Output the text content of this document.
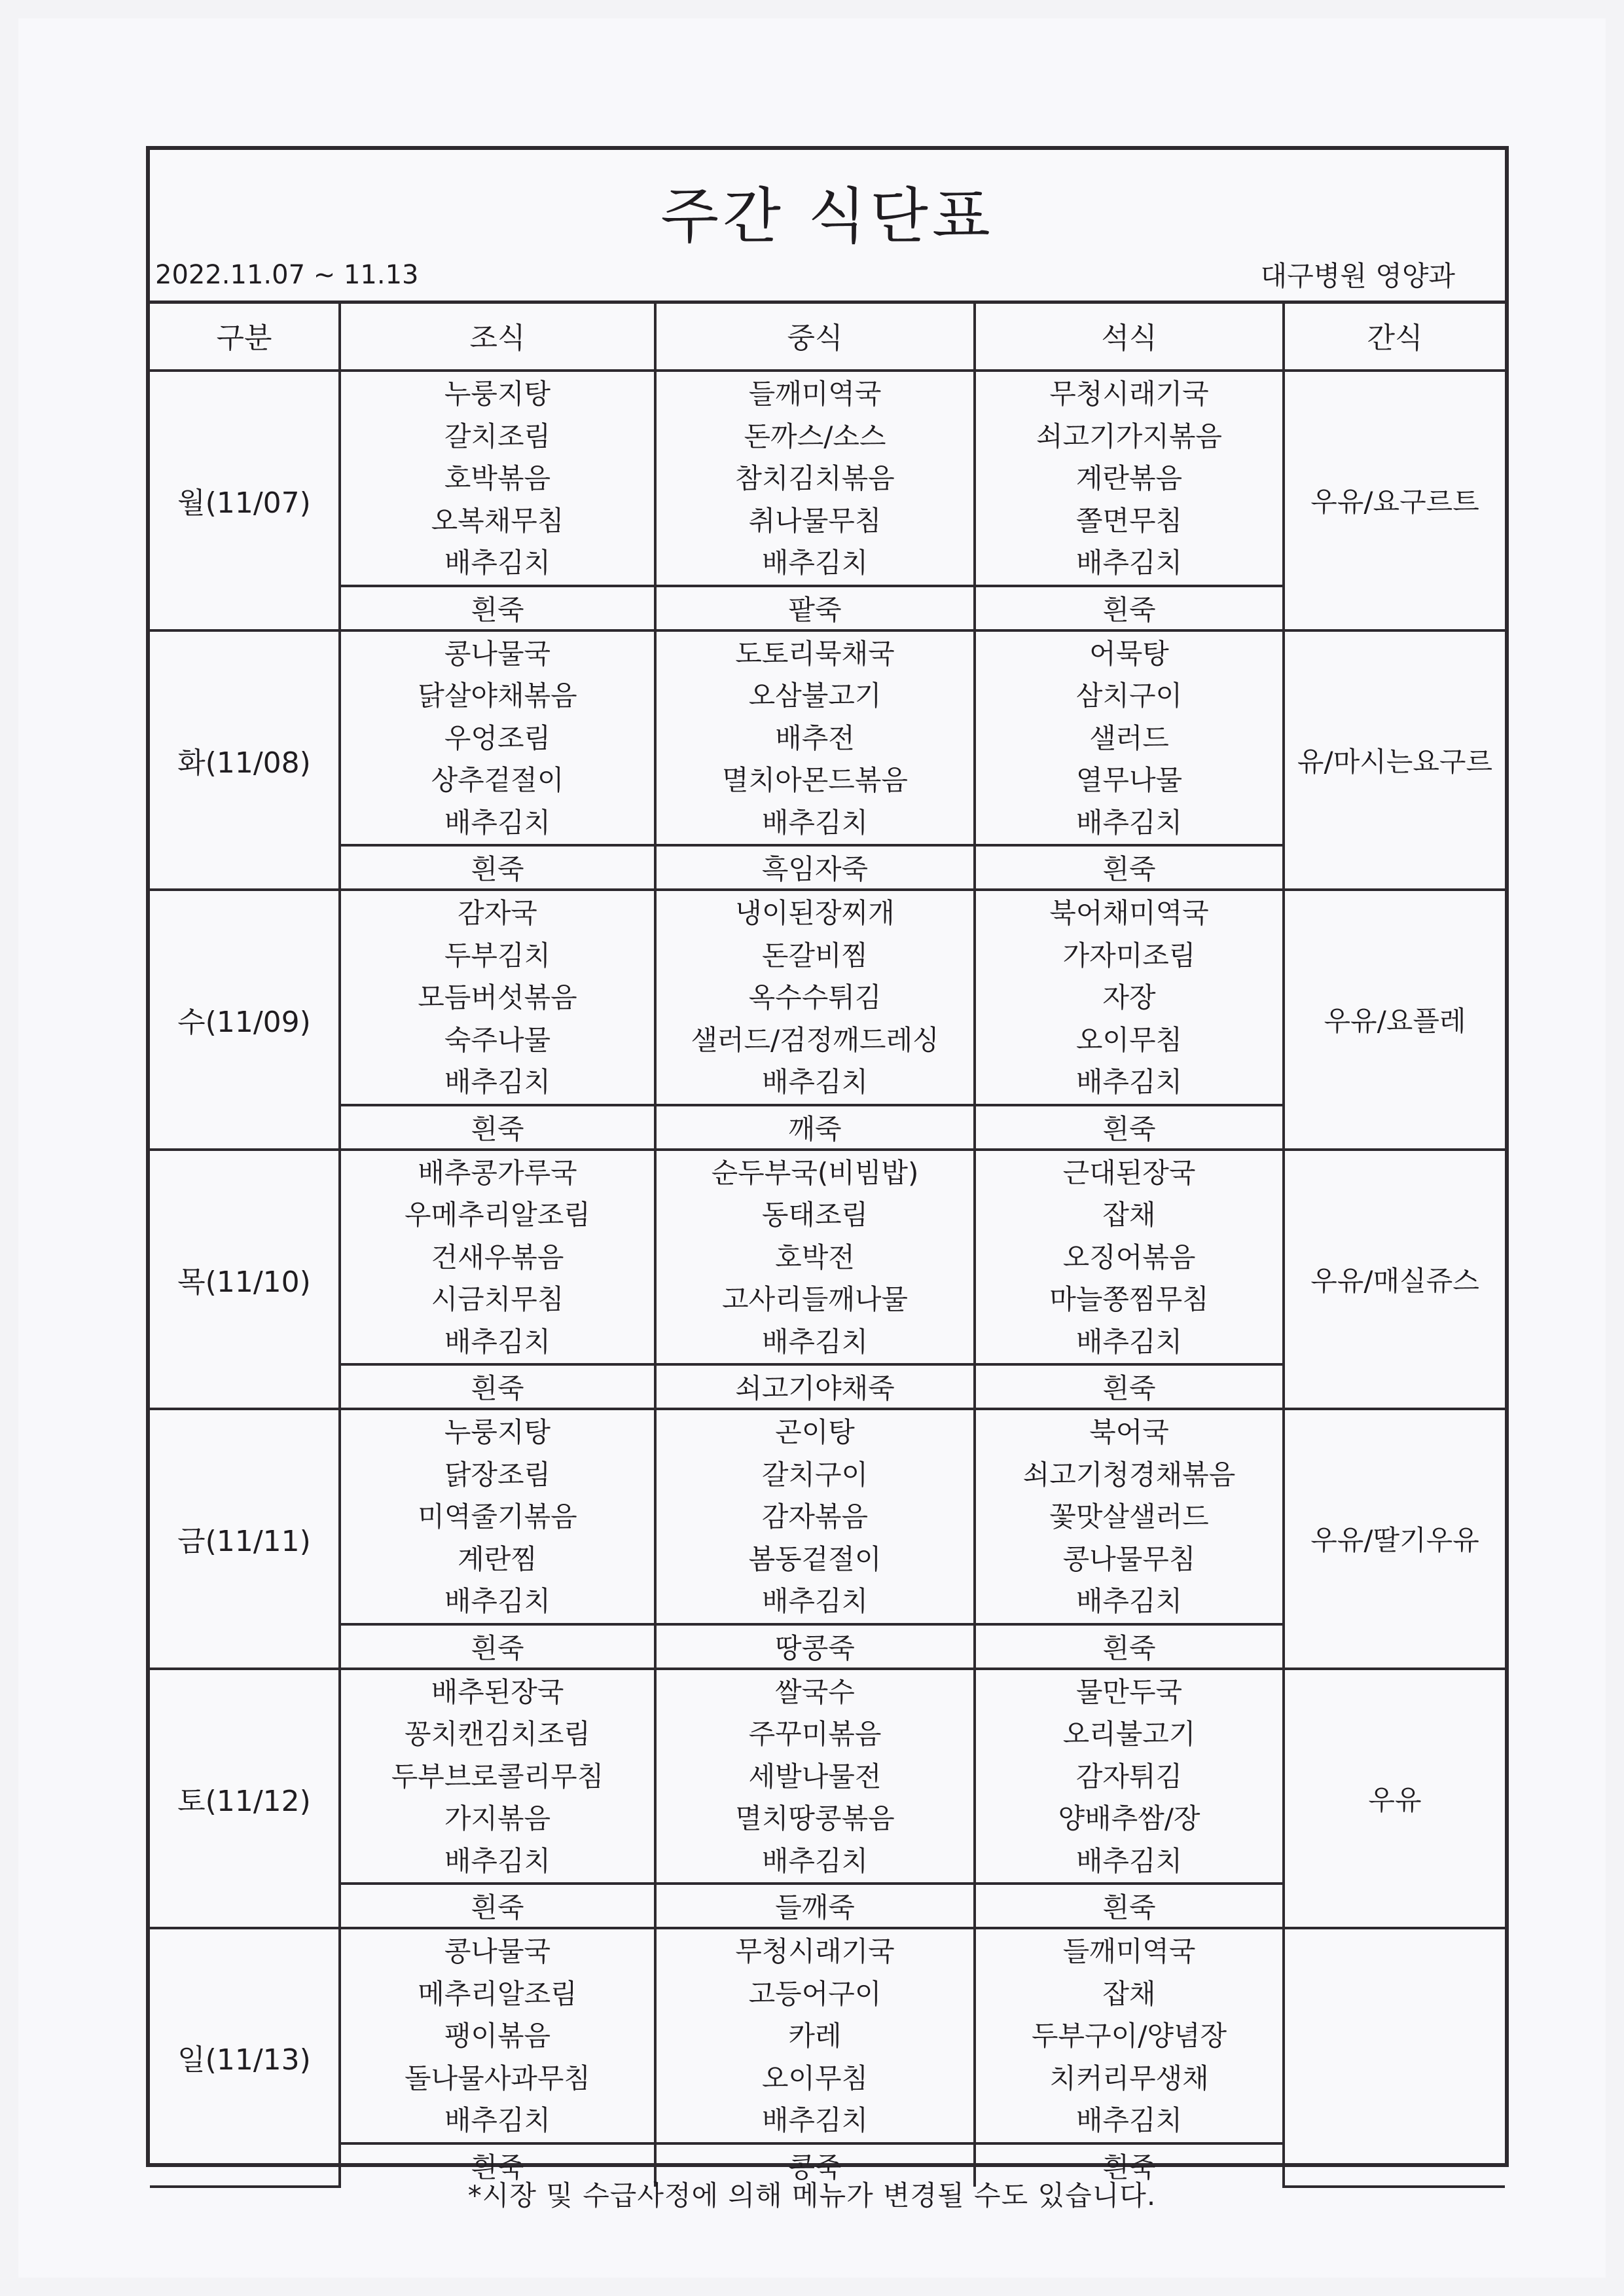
주간 식단표
2022.11.07 ~ 11.13	대구병원 영양과
구분	조식	중식	석식	간식
월(11/07)	누룽지탕
갈치조림
호박볶음
오복채무침
배추김치	들깨미역국
돈까스/소스
참치김치볶음
취나물무침
배추김치	무청시래기국
쇠고기가지볶음
계란볶음
쫄면무침
배추김치	우유/요구르트
	흰죽	팥죽	흰죽	
화(11/08)	콩나물국
닭살야채볶음
우엉조림
상추겉절이
배추김치	도토리묵채국
오삼불고기
배추전
멸치아몬드볶음
배추김치	어묵탕
삼치구이
샐러드
열무나물
배추김치	유/마시는요구르
	흰죽	흑임자죽	흰죽	
수(11/09)	감자국
두부김치
모듬버섯볶음
숙주나물
배추김치	냉이된장찌개
돈갈비찜
옥수수튀김
샐러드/검정깨드레싱
배추김치	북어채미역국
가자미조림
자장
오이무침
배추김치	우유/요플레
	흰죽	깨죽	흰죽	
목(11/10)	배추콩가루국
우메추리알조림
건새우볶음
시금치무침
배추김치	순두부국(비빔밥)
동태조림
호박전
고사리들깨나물
배추김치	근대된장국
잡채
오징어볶음
마늘쫑찜무침
배추김치	우유/매실쥬스
	흰죽	쇠고기야채죽	흰죽	
금(11/11)	누룽지탕
닭장조림
미역줄기볶음
계란찜
배추김치	곤이탕
갈치구이
감자볶음
봄동겉절이
배추김치	북어국
쇠고기청경채볶음
꽃맛살샐러드
콩나물무침
배추김치	우유/딸기우유
	흰죽	땅콩죽	흰죽	
토(11/12)	배추된장국
꽁치캔김치조림
두부브로콜리무침
가지볶음
배추김치	쌀국수
주꾸미볶음
세발나물전
멸치땅콩볶음
배추김치	물만두국
오리불고기
감자튀김
양배추쌈/장
배추김치	우유
	흰죽	들깨죽	흰죽	
일(11/13)	콩나물국
메추리알조림
팽이볶음
돌나물사과무침
배추김치	무청시래기국
고등어구이
카레
오이무침
배추김치	들깨미역국
잡채
두부구이/양념장
치커리무생채
배추김치	

	흰죽	콩죽	흰죽	
*시장 및 수급사정에 의해 메뉴가 변경될 수도 있습니다.
